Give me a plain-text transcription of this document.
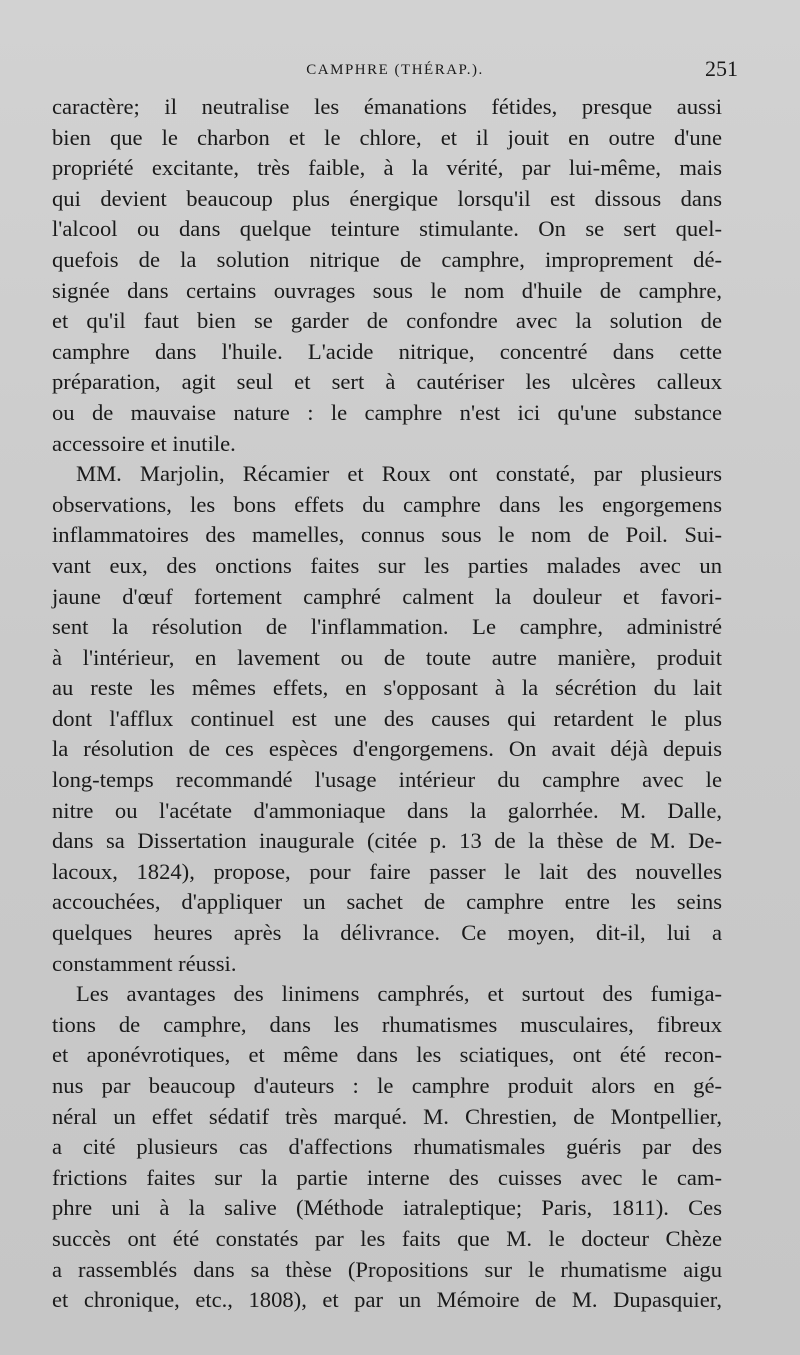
CAMPHRE (THÉRAP.).	251
caractère; il neutralise les émanations fétides, presque aussi
bien que le charbon et le chlore, et il jouit en outre d'une
propriété excitante, très faible, à la vérité, par lui-même, mais
qui devient beaucoup plus énergique lorsqu'il est dissous dans
l'alcool ou dans quelque teinture stimulante. On se sert quel-
quefois de la solution nitrique de camphre, improprement dé-
signée dans certains ouvrages sous le nom d'huile de camphre,
et qu'il faut bien se garder de confondre avec la solution de
camphre dans l'huile. L'acide nitrique, concentré dans cette
préparation, agit seul et sert à cautériser les ulcères calleux
ou de mauvaise nature : le camphre n'est ici qu'une substance
accessoire et inutile.
MM. Marjolin, Récamier et Roux ont constaté, par plusieurs
observations, les bons effets du camphre dans les engorgemens
inflammatoires des mamelles, connus sous le nom de Poil. Sui-
vant eux, des onctions faites sur les parties malades avec un
jaune d'œuf fortement camphré calment la douleur et favori-
sent la résolution de l'inflammation. Le camphre, administré
à l'intérieur, en lavement ou de toute autre manière, produit
au reste les mêmes effets, en s'opposant à la sécrétion du lait
dont l'afflux continuel est une des causes qui retardent le plus
la résolution de ces espèces d'engorgemens. On avait déjà depuis
long-temps recommandé l'usage intérieur du camphre avec le
nitre ou l'acétate d'ammoniaque dans la galorrhée. M. Dalle,
dans sa Dissertation inaugurale (citée p. 13 de la thèse de M. De-
lacoux, 1824), propose, pour faire passer le lait des nouvelles
accouchées, d'appliquer un sachet de camphre entre les seins
quelques heures après la délivrance. Ce moyen, dit-il, lui a
constamment réussi.
Les avantages des linimens camphrés, et surtout des fumiga-
tions de camphre, dans les rhumatismes musculaires, fibreux
et aponévrotiques, et même dans les sciatiques, ont été recon-
nus par beaucoup d'auteurs : le camphre produit alors en gé-
néral un effet sédatif très marqué. M. Chrestien, de Montpellier,
a cité plusieurs cas d'affections rhumatismales guéris par des
frictions faites sur la partie interne des cuisses avec le cam-
phre uni à la salive (Méthode iatraleptique; Paris, 1811). Ces
succès ont été constatés par les faits que M. le docteur Chèze
a rassemblés dans sa thèse (Propositions sur le rhumatisme aigu
et chronique, etc., 1808), et par un Mémoire de M. Dupasquier,
